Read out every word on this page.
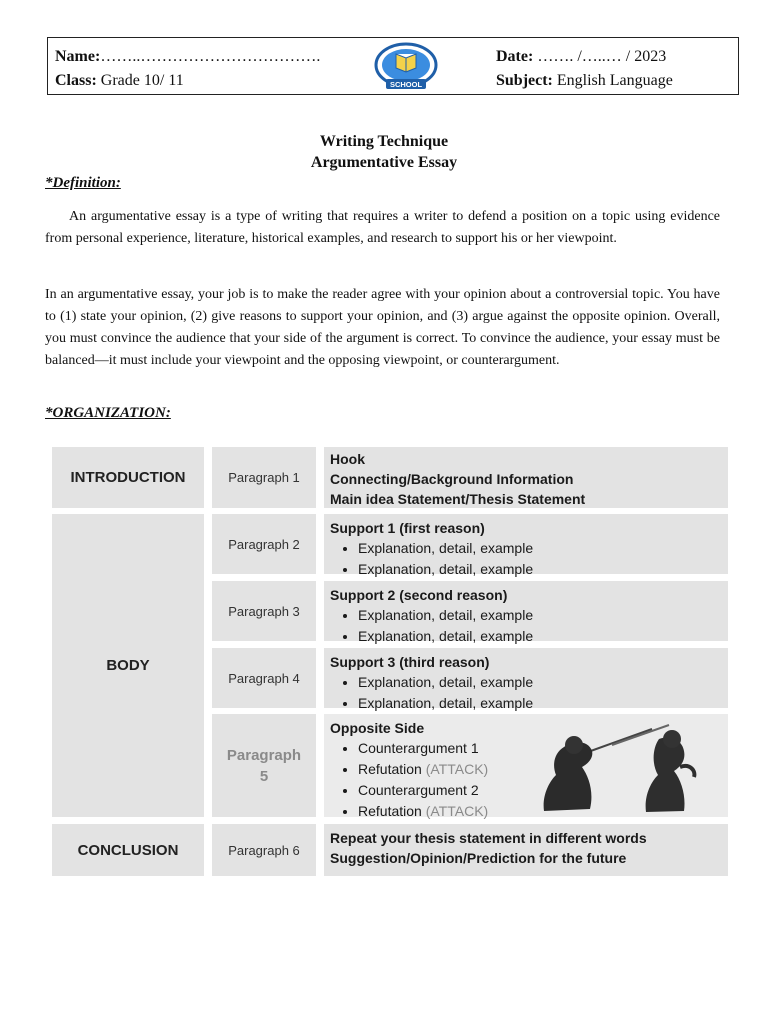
Name:……..…………………………….
Class: Grade 10/ 11
Date: ……. /…..… / 2023
Subject: English Language
SCHOOL
Writing Technique
Argumentative Essay
*Definition:
An argumentative essay is a type of writing that requires a writer to defend a position on a topic using evidence from personal experience, literature, historical examples, and research to support his or her viewpoint.
In an argumentative essay, your job is to make the reader agree with your opinion about a controversial topic. You have to (1) state your opinion, (2) give reasons to support your opinion, and (3) argue against the opposite opinion. Overall, you must convince the audience that your side of the argument is correct. To convince the audience, your essay must be balanced—it must include your viewpoint and the opposing viewpoint, or counterargument.
*ORGANIZATION:
INTRODUCTION	Paragraph 1
Hook
Connecting/Background Information
Main idea Statement/Thesis Statement
BODY
Paragraph 2
Support 1 (first reason)
• Explanation, detail, example
• Explanation, detail, example
Paragraph 3
Support 2 (second reason)
• Explanation, detail, example
• Explanation, detail, example
Paragraph 4
Support 3 (third reason)
• Explanation, detail, example
• Explanation, detail, example
Paragraph 5
Opposite Side
• Counterargument 1
• Refutation (ATTACK)
• Counterargument 2
• Refutation (ATTACK)
CONCLUSION	Paragraph 6
Repeat your thesis statement in different words
Suggestion/Opinion/Prediction for the future
